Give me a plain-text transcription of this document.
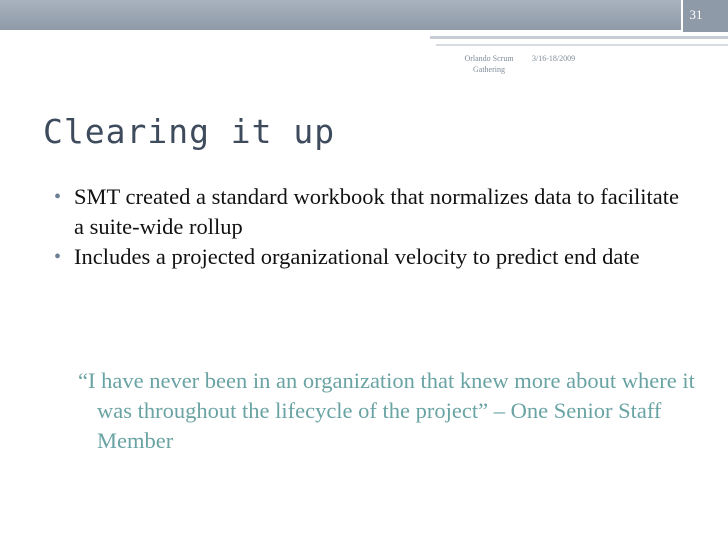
31
Orlando Scrum Gathering
3/16-18/2009
Clearing it up
• SMT created a standard workbook that normalizes data to facilitate a suite-wide rollup
• Includes a projected organizational velocity to predict end date

“I have never been in an organization that knew more about where it was throughout the lifecycle of the project” – One Senior Staff Member
